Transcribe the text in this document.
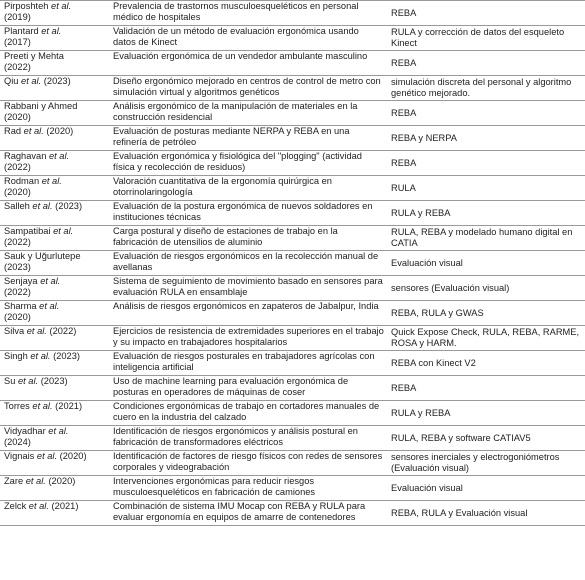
Pirposhteh et al.
(2019)	Prevalencia de trastornos musculoesqueléticos en personal médico de hospitales	REBA

Plantard et al.
(2017)	Validación de un método de evaluación ergonómica usando datos de Kinect	RULA y corrección de datos del esqueleto Kinect

Preeti y Mehta
(2022)	Evaluación ergonómica de un vendedor ambulante masculino	REBA

Qiu et al. (2023)	Diseño ergonómico mejorado en centros de control de metro con simulación virtual y algoritmos genéticos	simulación discreta del personal y algoritmo genético mejorado.

Rabbani y Ahmed
(2020)	Análisis ergonómico de la manipulación de materiales en la construcción residencial	REBA

Rad et al. (2020)	Evaluación de posturas mediante NERPA y REBA en una refinería de petróleo	REBA y NERPA

Raghavan et al.
(2022)	Evaluación ergonómica y fisiológica del "plogging" (actividad física y recolección de residuos)	REBA

Rodman et al.
(2020)	Valoración cuantitativa de la ergonomía quirúrgica en otorrinolaringología	RULA

Salleh et al. (2023)	Evaluación de la postura ergonómica de nuevos soldadores en instituciones técnicas	RULA y REBA

Sampatibai et al.
(2022)	Carga postural y diseño de estaciones de trabajo en la fabricación de utensilios de aluminio	RULA, REBA y modelado humano digital en CATIA

Sauk y Uğurlutepe
(2023)	Evaluación de riesgos ergonómicos en la recolección manual de avellanas	Evaluación visual

Senjaya et al.
(2022)	Sistema de seguimiento de movimiento basado en sensores para evaluación RULA en ensamblaje	sensores (Evaluación visual)

Sharma et al.
(2020)	Análisis de riesgos ergonómicos en zapateros de Jabalpur, India	REBA, RULA y GWAS

Silva et al. (2022)	Ejercicios de resistencia de extremidades superiores en el trabajo y su impacto en trabajadores hospitalarios	Quick Expose Check, RULA, REBA, RARME, ROSA y HARM.

Singh et al. (2023)	Evaluación de riesgos posturales en trabajadores agrícolas con inteligencia artificial	REBA con Kinect V2

Su et al. (2023)	Uso de machine learning para evaluación ergonómica de posturas en operadores de máquinas de coser	REBA

Torres et al. (2021)	Condiciones ergonómicas de trabajo en cortadores manuales de cuero en la industria del calzado	RULA y REBA

Vidyadhar et al.
(2024)	Identificación de riesgos ergonómicos y análisis postural en fabricación de transformadores eléctricos	RULA, REBA y software CATIAV5

Vignais et al. (2020)	Identificación de factores de riesgo físicos con redes de sensores corporales y videograbación	sensores inerciales y electrogoniómetros (Evaluación visual)

Zare et al. (2020)	Intervenciones ergonómicas para reducir riesgos musculoesqueléticos en fabricación de camiones	Evaluación visual

Zelck et al. (2021)	Combinación de sistema IMU Mocap con REBA y RULA para evaluar ergonomía en equipos de amarre de contenedores	REBA, RULA y Evaluación visual
